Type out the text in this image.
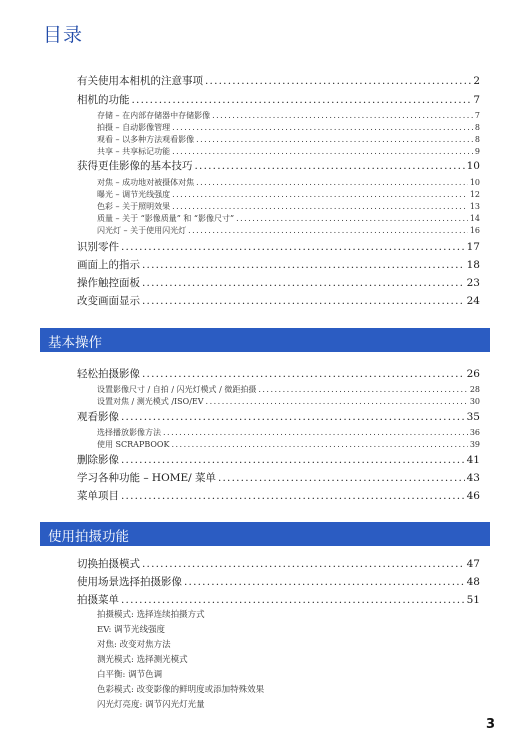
目录
有关使用本相机的注意事项 .....	2
相机的功能 .....	7
存储 – 在内部存储器中存储影像 .....	7
拍摄 – 自动影像管理 .....	8
观看 – 以多种方法观看影像 .....	8
共享 – 共享标记功能 .....	9
获得更佳影像的基本技巧 .....	10
对焦 – 成功地对被摄体对焦 .....	10
曝光 – 调节光线强度 .....	12
色彩 – 关于照明效果 .....	13
质量 – 关于 “影像质量” 和 “影像尺寸” .....	14
闪光灯 – 关于使用闪光灯 .....	16
识别零件 .....	17
画面上的指示 .....	18
操作触控面板 .....	23
改变画面显示 .....	24
基本操作
轻松拍摄影像 .....	26
设置影像尺寸 / 自拍 / 闪光灯模式 / 微距拍摄 .....	28
设置对焦 / 测光模式 /ISO/EV .....	30
观看影像 .....	35
选择播放影像方法 .....	36
使用 SCRAPBOOK .....	39
删除影像 .....	41
学习各种功能 – HOME/ 菜单 .....	43
菜单项目 .....	46
使用拍摄功能
切换拍摄模式 .....	47
使用场景选择拍摄影像 .....	48
拍摄菜单 .....	51
拍摄模式: 选择连续拍摄方式
EV: 调节光线强度
对焦: 改变对焦方法
测光模式: 选择测光模式
白平衡: 调节色调
色彩模式: 改变影像的鲜明度或添加特殊效果
闪光灯亮度: 调节闪光灯光量
3
